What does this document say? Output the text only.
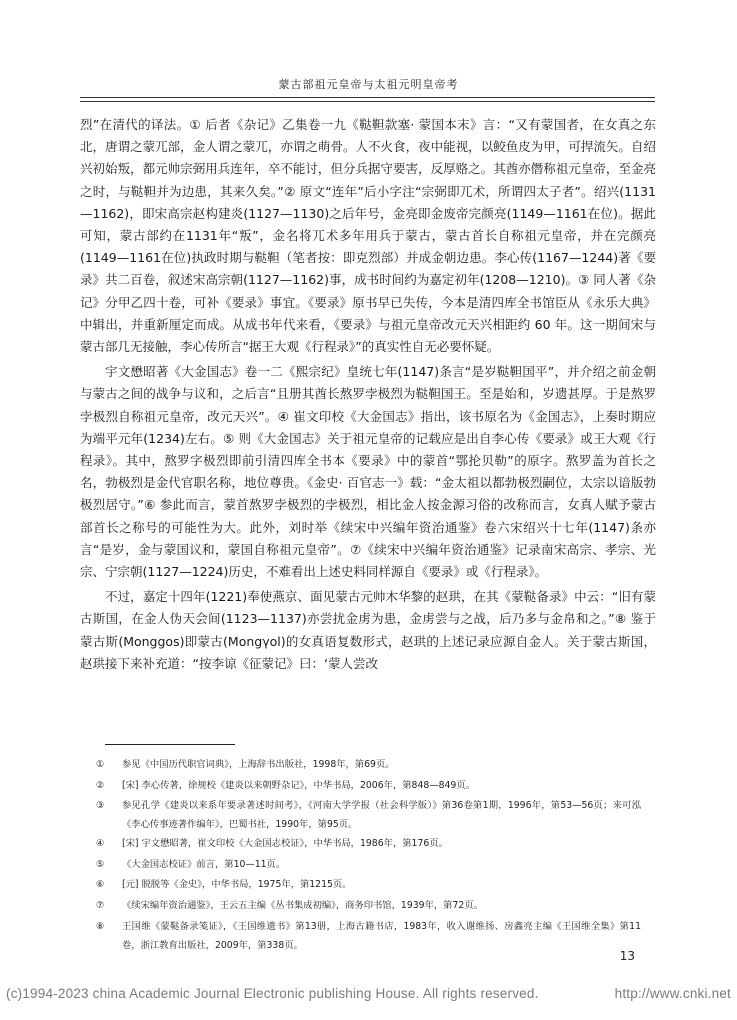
蒙古部祖元皇帝与太祖元明皇帝考

烈”在清代的译法。① 后者《杂记》乙集卷一九《鞑靼款塞· 蒙国本末》言：“又有蒙国者，在女真之东北，唐谓之蒙兀部，金人谓之蒙兀，亦谓之萌骨。人不火食，夜中能视，以鲛鱼皮为甲，可捍流矢。自绍兴初始叛，都元帅宗弼用兵连年，卒不能讨，但分兵据守要害，反厚赂之。其酋亦僭称祖元皇帝，至金亮之时，与鞑靼并为边患，其来久矣。”② 原文“连年”后小字注“宗弼即兀术，所谓四太子者”。绍兴(1131—1162)，即宋高宗赵构建炎(1127—1130)之后年号，金亮即金废帝完颜亮(1149—1161在位)。据此可知，蒙古部约在1131年“叛”，金名将兀术多年用兵于蒙古，蒙古首长自称祖元皇帝，并在完颜亮(1149—1161在位)执政时期与鞑靼（笔者按：即克烈部）并成金朝边患。李心传(1167—1244)著《要录》共二百卷，叙述宋高宗朝(1127—1162)事，成书时间约为嘉定初年(1208—1210)。③ 同人著《杂记》分甲乙四十卷，可补《要录》事宜。《要录》原书早已失传，今本是清四库全书馆臣从《永乐大典》中辑出，并重新厘定而成。从成书年代来看，《要录》与祖元皇帝改元天兴相距约 60 年。这一期间宋与蒙古部几无接触，李心传所言“据王大观《行程录》”的真实性自无必要怀疑。

宇文懋昭著《大金国志》卷一二《熙宗纪》皇统七年(1147)条言“是岁鞑靼国平”，并介绍之前金朝与蒙古之间的战争与议和，之后言“且册其酋长熬罗孛极烈为鞑靼国王。至是始和，岁遗甚厚。于是熬罗孛极烈自称祖元皇帝，改元天兴”。④ 崔文印校《大金国志》指出，该书原名为《金国志》，上奏时期应为端平元年(1234)左右。⑤ 则《大金国志》关于祖元皇帝的记载应是出自李心传《要录》或王大观《行程录》。其中，熬罗字极烈即前引清四库全书本《要录》中的蒙首“鄂抡贝勒”的原字。熬罗盖为首长之名，勃极烈是金代官职名称，地位尊贵。《金史· 百官志一》载：“金太祖以都勃极烈嗣位，太宗以谙版勃极烈居守。”⑥ 参此而言，蒙首熬罗孛极烈的孛极烈，相比金人按金源习俗的改称而言，女真人赋予蒙古部首长之称号的可能性为大。此外，刘时举《续宋中兴编年资治通鉴》卷六宋绍兴十七年(1147)条亦言“是岁，金与蒙国议和，蒙国自称祖元皇帝”。⑦《续宋中兴编年资治通鉴》记录南宋高宗、孝宗、光宗、宁宗朝(1127—1224)历史，不难看出上述史料同样源自《要录》或《行程录》。

不过，嘉定十四年(1221)奉使燕京、面见蒙古元帅木华黎的赵珙，在其《蒙鞑备录》中云：“旧有蒙古斯国，在金人伪天会间(1123—1137)亦尝扰金虏为患，金虏尝与之战，后乃多与金帛和之。”⑧ 鉴于蒙古斯(Monggos)即蒙古(Mongγol)的女真语复数形式，赵珙的上述记录应源自金人。关于蒙古斯国，赵珙接下来补充道：“按李谅《征蒙记》曰：‘蒙人尝改

①	参见《中国历代职官词典》，上海辞书出版社，1998年，第69页。
②	[宋] 李心传著，徐规校《建炎以来朝野杂记》，中华书局，2006年，第848—849页。
③	参见孔学《建炎以来系年要录著述时间考》，《河南大学学报（社会科学版）》第36卷第1期，1996年，第53—56页；来可泓《李心传事迹著作编年》，巴蜀书社，1990年，第95页。
④	[宋] 宇文懋昭著，崔文印校《大金国志校证》，中华书局，1986年，第176页。
⑤	《大金国志校证》前言，第10—11页。
⑥	[元] 脱脱等《金史》，中华书局，1975年，第1215页。
⑦	《续宋编年资治通鉴》，王云五主编《丛书集成初编》，商务印书馆，1939年，第72页。
⑧	王国维《蒙鞑备录笺证》，《王国维遗书》第13册，上海古籍书店，1983年，收入谢维扬、房鑫亮主编《王国维全集》第11卷，浙江教育出版社，2009年，第338页。
13
(c)1994-2023 china Academic Journal Electronic publishing House. All rights reserved.	http://www.cnki.net
